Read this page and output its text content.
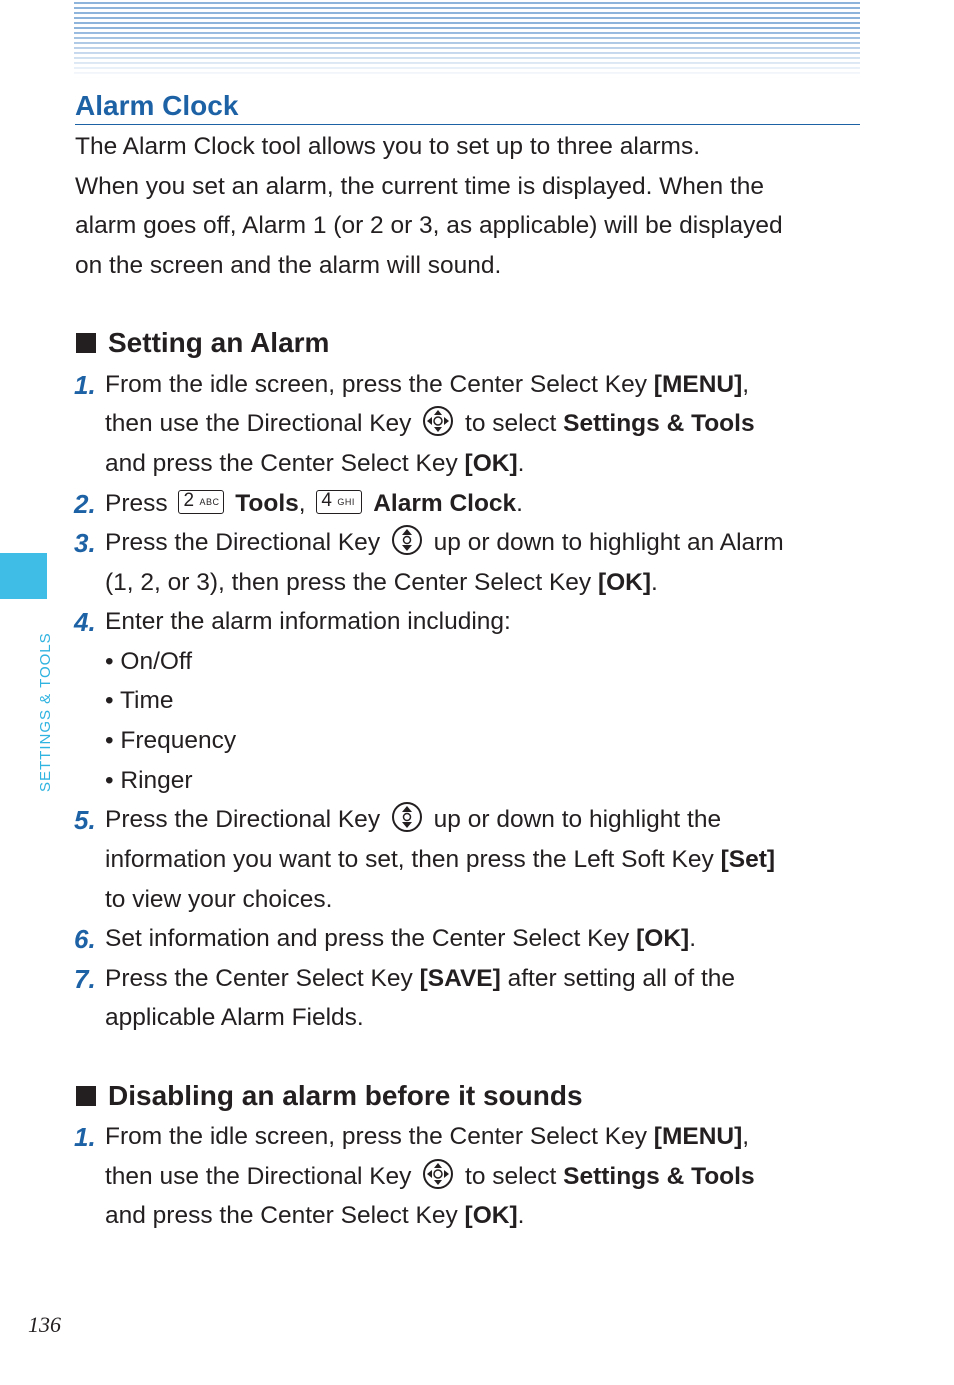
SETTINGS & TOOLS
Alarm Clock
The Alarm Clock tool allows you to set up to three alarms.
When you set an alarm, the current time is displayed. When the
alarm goes off, Alarm 1 (or 2 or 3, as applicable) will be displayed
on the screen and the alarm will sound.
Setting an Alarm
1. From the idle screen, press the Center Select Key [MENU],
then use the Directional Key  to select Settings & Tools
and press the Center Select Key [OK].
2. Press 2 ABC Tools, 4 GHI Alarm Clock.
3. Press the Directional Key  up or down to highlight an Alarm
(1, 2, or 3), then press the Center Select Key [OK].
4. Enter the alarm information including:
• On/Off
• Time
• Frequency
• Ringer
5. Press the Directional Key  up or down to highlight the
information you want to set, then press the Left Soft Key [Set]
to view your choices.
6. Set information and press the Center Select Key [OK].
7. Press the Center Select Key [SAVE] after setting all of the
applicable Alarm Fields.
Disabling an alarm before it sounds
1. From the idle screen, press the Center Select Key [MENU],
then use the Directional Key  to select Settings & Tools
and press the Center Select Key [OK].
136
